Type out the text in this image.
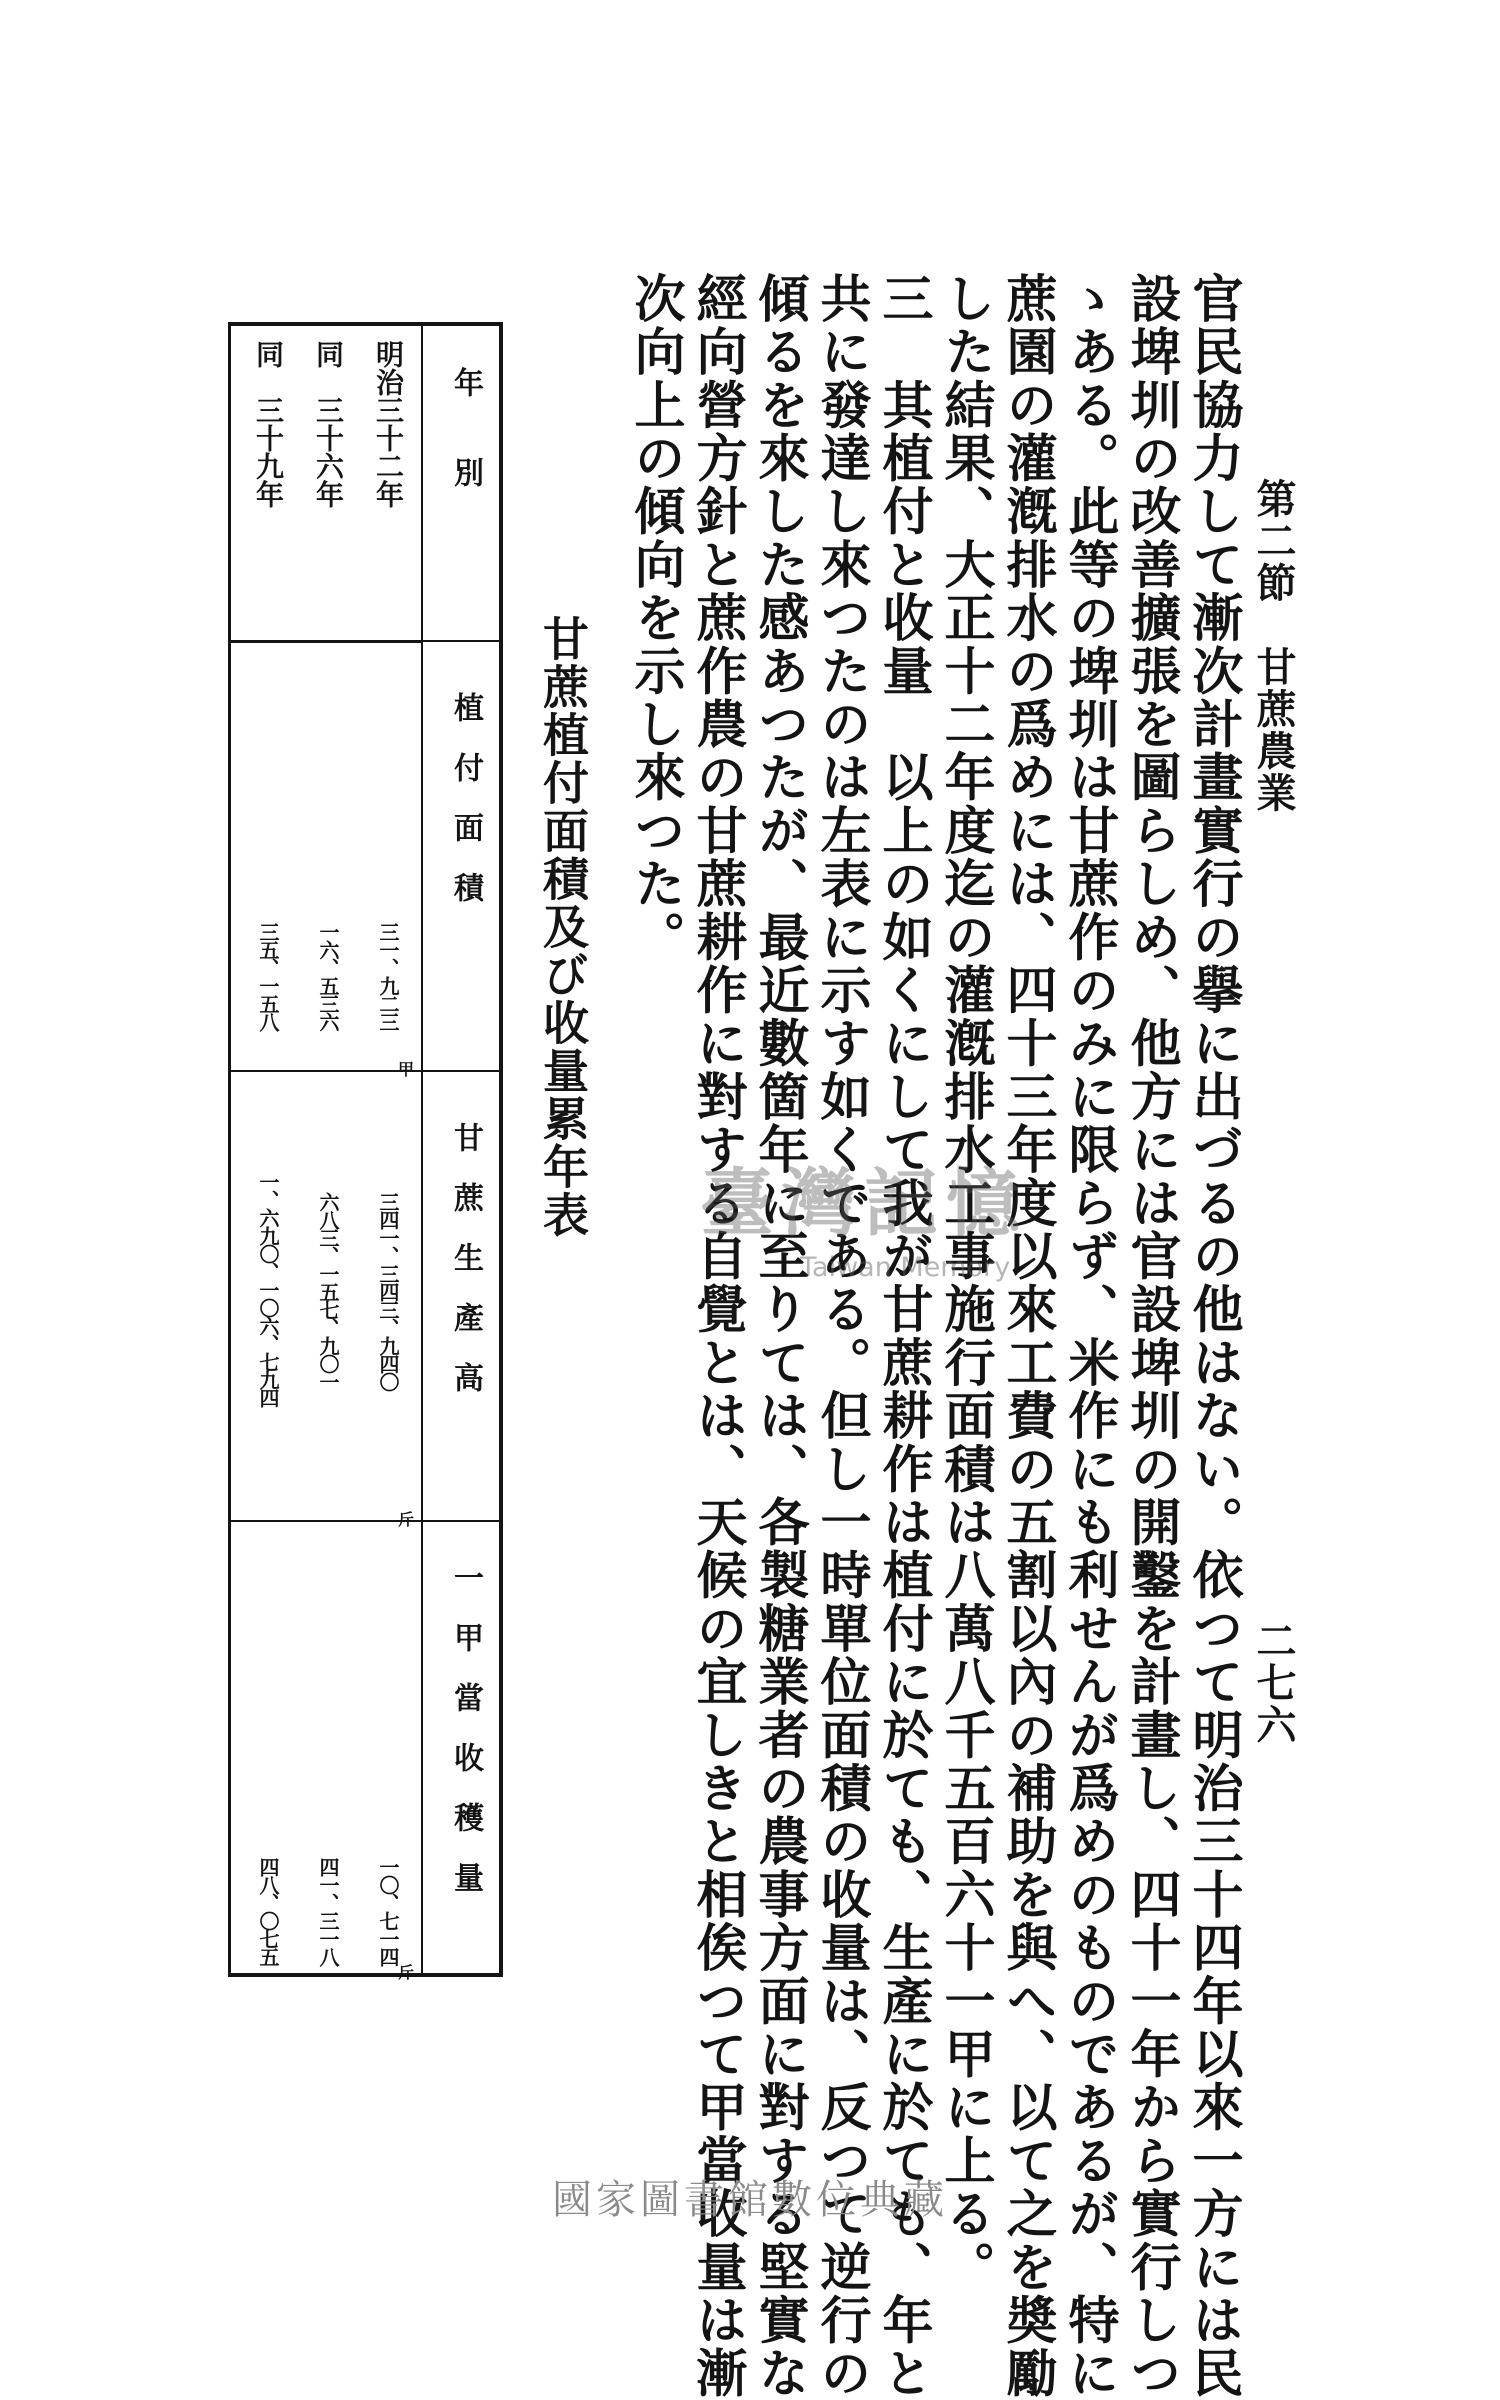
第二節　甘蔗農業
二七六
官民協力して漸次計畫實行の擧に出づるの他はない。依つて明治三十四年以來一方には民
設埤圳の改善擴張を圖らしめ、他方には官設埤圳の開鑿を計畫し、四十一年から實行しつ
ゝある。此等の埤圳は甘蔗作のみに限らず、米作にも利せんが爲めのものであるが、特に
蔗園の灌漑排水の爲めには、四十三年度以來工費の五割以內の補助を與へ、以て之を奬勵
した結果、大正十二年度迄の灌漑排水工事施行面積は八萬八千五百六十一甲に上る。
三　其植付と收量　以上の如くにして我が甘蔗耕作は植付に於ても、生產に於ても、年と
共に發達し來つたのは左表に示す如くである。但し一時單位面積の收量は、反つて逆行の
傾るを來した感あつたが、最近數箇年に至りては、各製糖業者の農事方面に對する堅實な
經向營方針と蔗作農の甘蔗耕作に對する自覺とは、天候の宜しきと相俟つて甲當收量は漸
次向上の傾向を示し來つた。
甘蔗植付面積及び收量累年表
年　　別
植　付　面　積
甘　蔗　生　產　高
一　甲　當　收　穫　量
甲
斤
斤
明治三十二年
三一、九二三
三四一、三四三、九四〇
一〇、七一四
同　三十六年
一六、五三六
六八三、一五七、九〇一
四一、三一八
同　三十九年
三五、一五八
一、六九〇、一〇六、七九四
四八、〇七五
臺灣記憶
Taiwan Memory
國家圖書館數位典藏
